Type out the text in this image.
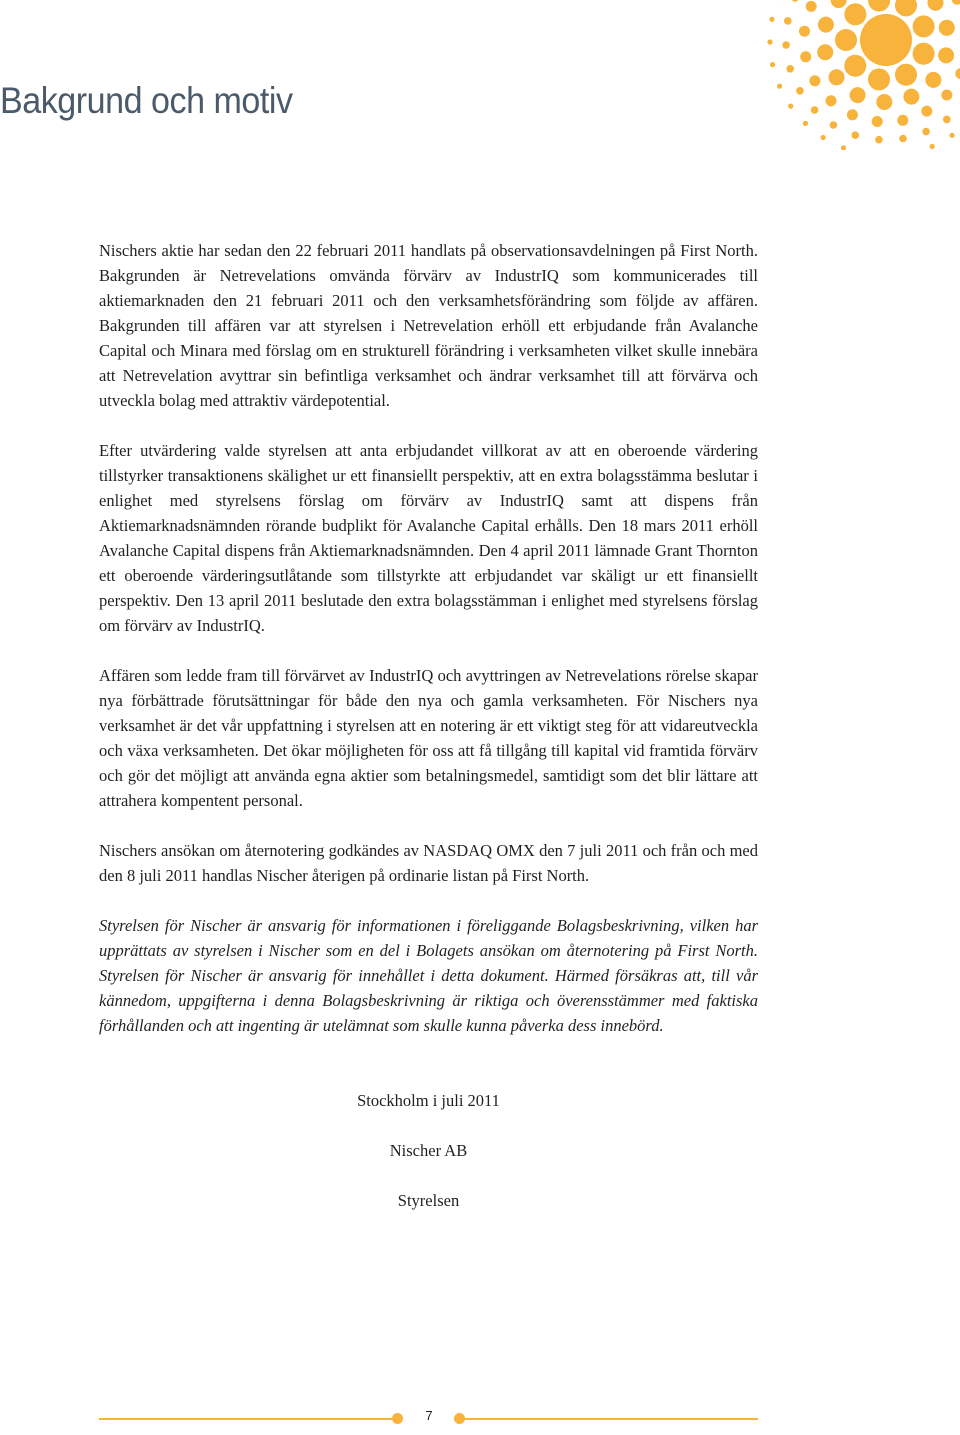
Bakgrund och motiv

Nischers aktie har sedan den 22 februari 2011 handlats på observationsavdelningen på First North. Bakgrunden är Netrevelations omvända förvärv av IndustrIQ som kommunicerades till aktiemarknaden den 21 februari 2011 och den verksamhetsförändring som följde av affären. Bakgrunden till affären var att styrelsen i Netrevelation erhöll ett erbjudande från Avalanche Capital och Minara med förslag om en strukturell förändring i verksamheten vilket skulle innebära att Netrevelation avyttrar sin befintliga verksamhet och ändrar verksamhet till att förvärva och utveckla bolag med attraktiv värdepotential.

Efter utvärdering valde styrelsen att anta erbjudandet villkorat av att en oberoende värdering tillstyrker transaktionens skälighet ur ett finansiellt perspektiv, att en extra bolagsstämma beslutar i enlighet med styrelsens förslag om förvärv av IndustrIQ samt att dispens från Aktiemarknadsnämnden rörande budplikt för Avalanche Capital erhålls. Den 18 mars 2011 erhöll Avalanche Capital dispens från Aktiemarknadsnämnden. Den 4 april 2011 lämnade Grant Thornton ett oberoende värderingsutlåtande som tillstyrkte att erbjudandet var skäligt ur ett finansiellt perspektiv. Den 13 april 2011 beslutade den extra bolagsstämman i enlighet med styrelsens förslag om förvärv av IndustrIQ.

Affären som ledde fram till förvärvet av IndustrIQ och avyttringen av Netrevelations rörelse skapar nya förbättrade förutsättningar för både den nya och gamla verksamheten. För Nischers nya verksamhet är det vår uppfattning i styrelsen att en notering är ett viktigt steg för att vidareutveckla och växa verksamheten. Det ökar möjligheten för oss att få tillgång till kapital vid framtida förvärv och gör det möjligt att använda egna aktier som betalningsmedel, samtidigt som det blir lättare att attrahera kompentent personal.

Nischers ansökan om åternotering godkändes av NASDAQ OMX den 7 juli 2011 och från och med den 8 juli 2011 handlas Nischer återigen på ordinarie listan på First North.

Styrelsen för Nischer är ansvarig för informationen i föreliggande Bolagsbeskrivning, vilken har upprättats av styrelsen i Nischer som en del i Bolagets ansökan om åternotering på First North. Styrelsen för Nischer är ansvarig för innehållet i detta dokument. Härmed försäkras att, till vår kännedom, uppgifterna i denna Bolagsbeskrivning är riktiga och överensstämmer med faktiska förhållanden och att ingenting är utelämnat som skulle kunna påverka dess innebörd.

Stockholm i juli 2011
Nischer AB
Styrelsen
7
